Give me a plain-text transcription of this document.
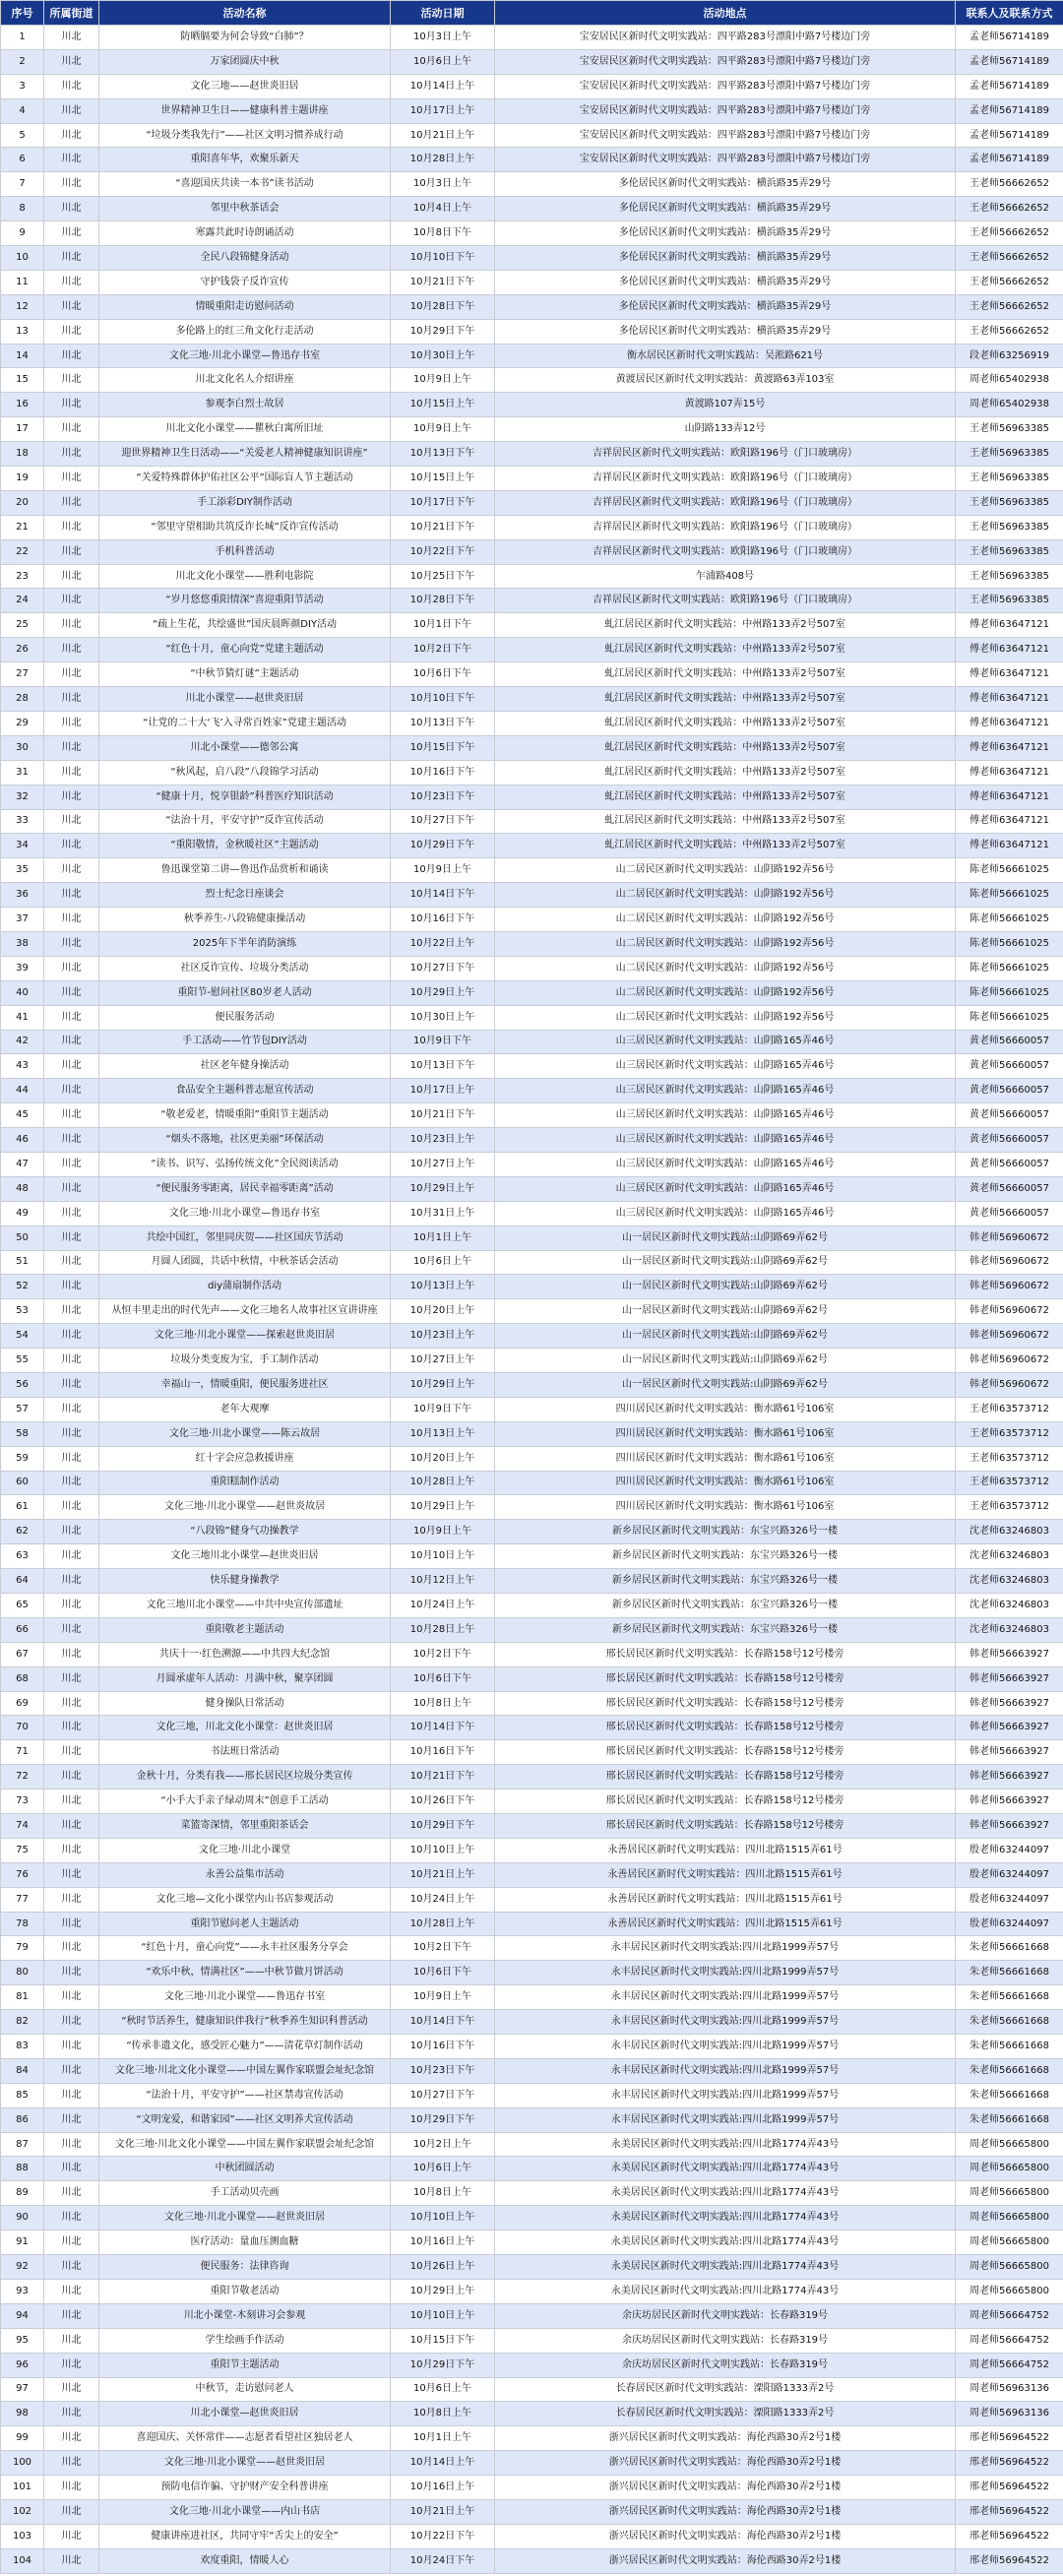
序号	所属街道	活动名称	活动日期	活动地点	联系人及联系方式
1	川北	防晒膈要为何会导致“白肺”？	10月3日上午	宝安居民区新时代文明实践站：四平路283号漂阳中路7号楼边门旁	孟老师56714189
2	川北	万家团圆庆中秋	10月6日上午	宝安居民区新时代文明实践站：四平路283号漂阳中路7号楼边门旁	孟老师56714189
3	川北	文化三地——赵世炎旧居	10月14日上午	宝安居民区新时代文明实践站：四平路283号漂阳中路7号楼边门旁	孟老师56714189
4	川北	世界精神卫生日——健康科普主题讲座	10月17日上午	宝安居民区新时代文明实践站：四平路283号漂阳中路7号楼边门旁	孟老师56714189
5	川北	“垃圾分类我先行”——社区文明习惯养成行动	10月21日上午	宝安居民区新时代文明实践站：四平路283号漂阳中路7号楼边门旁	孟老师56714189
6	川北	重阳喜年华，欢聚乐新天	10月28日上午	宝安居民区新时代文明实践站：四平路283号漂阳中路7号楼边门旁	孟老师56714189
7	川北	“喜迎国庆共读一本书”读书活动	10月3日上午	多伦居民区新时代文明实践站：横浜路35弄29号	王老师56662652
8	川北	邻里中秋茶话会	10月4日上午	多伦居民区新时代文明实践站：横浜路35弄29号	王老师56662652
9	川北	寒露共此时诗朗诵活动	10月8日下午	多伦居民区新时代文明实践站：横浜路35弄29号	王老师56662652
10	川北	全民八段锦健身活动	10月10日下午	多伦居民区新时代文明实践站：横浜路35弄29号	王老师56662652
11	川北	守护钱袋子反诈宣传	10月21日下午	多伦居民区新时代文明实践站：横浜路35弄29号	王老师56662652
12	川北	情暖重阳走访慰问活动	10月28日下午	多伦居民区新时代文明实践站：横浜路35弄29号	王老师56662652
13	川北	多伦路上的红三角文化行走活动	10月29日下午	多伦居民区新时代文明实践站：横浜路35弄29号	王老师56662652
14	川北	文化三地·川北小课堂—鲁迅存书室	10月30日上午	衡水居民区新时代文明实践站：吴淞路621号	段老师63256919
15	川北	川北文化名人介绍讲座	10月9日上午	黄渡居民区新时代文明实践站：黄渡路63弄103室	周老师65402938
16	川北	参观李白烈士故居	10月15日上午	黄渡路107弄15号	周老师65402938
17	川北	川北文化小课堂——瞿秋白寓所旧址	10月9日上午	山阴路133弄12号	王老师56963385
18	川北	迎世界精神卫生日活动——“关爱老人精神健康知识讲座”	10月13日下午	吉祥居民区新时代文明实践站：欧阳路196号（门口玻璃房）	王老师56963385
19	川北	“关爱特殊群体护佑社区公平”国际盲人节主题活动	10月15日上午	吉祥居民区新时代文明实践站：欧阳路196号（门口玻璃房）	王老师56963385
20	川北	手工添彩DIY制作活动	10月17日下午	吉祥居民区新时代文明实践站：欧阳路196号（门口玻璃房）	王老师56963385
21	川北	“邻里守望相助共筑反诈长城”反诈宣传活动	10月21日下午	吉祥居民区新时代文明实践站：欧阳路196号（门口玻璃房）	王老师56963385
22	川北	手机科普活动	10月22日下午	吉祥居民区新时代文明实践站：欧阳路196号（门口玻璃房）	王老师56963385
23	川北	川北文化小课堂——胜利电影院	10月25日下午	乍浦路408号	王老师56963385
24	川北	“岁月悠悠重阳情深”喜迎重阳节活动	10月28日下午	吉祥居民区新时代文明实践站：欧阳路196号（门口玻璃房）	王老师56963385
25	川北	“疏上生花，共绘盛世”国庆晨晖颜DIY活动	10月1日下午	虬江居民区新时代文明实践站：中州路133弄2号507室	傅老师63647121
26	川北	“红色十月，童心向党”党建主题活动	10月2日下午	虬江居民区新时代文明实践站：中州路133弄2号507室	傅老师63647121
27	川北	“中秋节猜灯谜”主题活动	10月6日下午	虬江居民区新时代文明实践站：中州路133弄2号507室	傅老师63647121
28	川北	川北小课堂——赵世炎旧居	10月10日下午	虬江居民区新时代文明实践站：中州路133弄2号507室	傅老师63647121
29	川北	“让党的二十大‘飞’入寻常百姓家”党建主题活动	10月13日下午	虬江居民区新时代文明实践站：中州路133弄2号507室	傅老师63647121
30	川北	川北小课堂——德邻公寓	10月15日下午	虬江居民区新时代文明实践站：中州路133弄2号507室	傅老师63647121
31	川北	“秋风起，启八段”八段锦学习活动	10月16日下午	虬江居民区新时代文明实践站：中州路133弄2号507室	傅老师63647121
32	川北	“健康十月，悦享银龄”科普医疗知识活动	10月23日下午	虬江居民区新时代文明实践站：中州路133弄2号507室	傅老师63647121
33	川北	“法治十月，平安守护”反诈宣传活动	10月27日下午	虬江居民区新时代文明实践站：中州路133弄2号507室	傅老师63647121
34	川北	“重阳敬情，金秋暖社区”主题活动	10月29日下午	虬江居民区新时代文明实践站：中州路133弄2号507室	傅老师63647121
35	川北	鲁迅课堂第二讲—鲁迅作品赏析和诵读	10月9日上午	山二居民区新时代文明实践站：山阴路192弄56号	陈老师56661025
36	川北	烈士纪念日座谈会	10月14日下午	山二居民区新时代文明实践站：山阴路192弄56号	陈老师56661025
37	川北	秋季养生-八段锦健康操活动	10月16日下午	山二居民区新时代文明实践站：山阴路192弄56号	陈老师56661025
38	川北	2025年下半年消防演练	10月22日上午	山二居民区新时代文明实践站：山阴路192弄56号	陈老师56661025
39	川北	社区反诈宣传、垃圾分类活动	10月27日下午	山二居民区新时代文明实践站：山阴路192弄56号	陈老师56661025
40	川北	重阳节-慰问社区80岁老人活动	10月29日上午	山二居民区新时代文明实践站：山阴路192弄56号	陈老师56661025
41	川北	便民服务活动	10月30日上午	山二居民区新时代文明实践站：山阴路192弄56号	陈老师56661025
42	川北	手工活动——竹节包DIY活动	10月9日下午	山三居民区新时代文明实践站：山阴路165弄46号	黄老师56660057
43	川北	社区老年健身操活动	10月13日下午	山三居民区新时代文明实践站：山阴路165弄46号	黄老师56660057
44	川北	食品安全主题科普志愿宣传活动	10月17日上午	山三居民区新时代文明实践站：山阴路165弄46号	黄老师56660057
45	川北	“敬老爱老，情暖重阳”重阳节主题活动	10月21日下午	山三居民区新时代文明实践站：山阴路165弄46号	黄老师56660057
46	川北	“烟头不落地，社区更美丽”环保活动	10月23日上午	山三居民区新时代文明实践站：山阴路165弄46号	黄老师56660057
47	川北	“读书、识写、弘扬传统文化”全民阅读活动	10月27日上午	山三居民区新时代文明实践站：山阴路165弄46号	黄老师56660057
48	川北	“便民服务零距离，居民幸福零距离”活动	10月29日上午	山三居民区新时代文明实践站：山阴路165弄46号	黄老师56660057
49	川北	文化三地·川北小课堂—鲁迅存书室	10月31日上午	山三居民区新时代文明实践站：山阴路165弄46号	黄老师56660057
50	川北	共绘中国红，邻里同庆贺——社区国庆节活动	10月1日上午	山一居民区新时代文明实践站:山阴路69弄62号	韩老师56960672
51	川北	月圆人团圆，共话中秋情，中秋茶话会活动	10月6日上午	山一居民区新时代文明实践站:山阴路69弄62号	韩老师56960672
52	川北	diy蒲扇制作活动	10月13日上午	山一居民区新时代文明实践站:山阴路69弄62号	韩老师56960672
53	川北	从恒丰里走出的时代先声——文化三地名人故事社区宣讲讲座	10月20日上午	山一居民区新时代文明实践站:山阴路69弄62号	韩老师56960672
54	川北	文化三地·川北小课堂——探索赵世炎旧居	10月23日上午	山一居民区新时代文明实践站:山阴路69弄62号	韩老师56960672
55	川北	垃圾分类变废为宝，手工制作活动	10月27日上午	山一居民区新时代文明实践站:山阴路69弄62号	韩老师56960672
56	川北	幸福山一，情暖重阳，便民服务进社区	10月29日上午	山一居民区新时代文明实践站:山阴路69弄62号	韩老师56960672
57	川北	老年大观摩	10月9日下午	四川居民区新时代文明实践站：衡水路61号106室	王老师63573712
58	川北	文化三地·川北小课堂——陈云故居	10月13日上午	四川居民区新时代文明实践站：衡水路61号106室	王老师63573712
59	川北	红十字会应急救援讲座	10月20日上午	四川居民区新时代文明实践站：衡水路61号106室	王老师63573712
60	川北	重阳糕制作活动	10月28日上午	四川居民区新时代文明实践站：衡水路61号106室	王老师63573712
61	川北	文化三地·川北小课堂——赵世炎故居	10月29日上午	四川居民区新时代文明实践站：衡水路61号106室	王老师63573712
62	川北	“八段锦”健身气功操教学	10月9日上午	新乡居民区新时代文明实践站：东宝兴路326号一楼	沈老师63246803
63	川北	文化三地川北小课堂—赵世炎旧居	10月10日上午	新乡居民区新时代文明实践站：东宝兴路326号一楼	沈老师63246803
64	川北	快乐健身操教学	10月12日上午	新乡居民区新时代文明实践站：东宝兴路326号一楼	沈老师63246803
65	川北	文化三地川北小课堂——中共中央宣传部遗址	10月24日上午	新乡居民区新时代文明实践站：东宝兴路326号一楼	沈老师63246803
66	川北	重阳敬老主题活动	10月28日上午	新乡居民区新时代文明实践站：东宝兴路326号一楼	沈老师63246803
67	川北	共庆十一·红色溯源——中共四大纪念馆	10月2日下午	邢长居民区新时代文明实践站：长春路158号12号楼旁	韩老师56663927
68	川北	月圆承虚年人活动：月满中秋，聚享团圆	10月6日下午	邢长居民区新时代文明实践站：长春路158号12号楼旁	韩老师56663927
69	川北	健身操队日常活动	10月8日上午	邢长居民区新时代文明实践站：长春路158号12号楼旁	韩老师56663927
70	川北	文化三地，川北文化小课堂：赵世炎旧居	10月14日下午	邢长居民区新时代文明实践站：长春路158号12号楼旁	韩老师56663927
71	川北	书法班日常活动	10月16日下午	邢长居民区新时代文明实践站：长春路158号12号楼旁	韩老师56663927
72	川北	金秋十月，分类有我——邢长居民区垃圾分类宣传	10月21日下午	邢长居民区新时代文明实践站：长春路158号12号楼旁	韩老师56663927
73	川北	“小手大手亲子绿动周末”创意手工活动	10月26日下午	邢长居民区新时代文明实践站：长春路158号12号楼旁	韩老师56663927
74	川北	菜篮寄深情，邻里重阳茶话会	10月29日下午	邢长居民区新时代文明实践站：长春路158号12号楼旁	韩老师56663927
75	川北	文化三地·川北小课堂	10月10日上午	永善居民区新时代文明实践站：四川北路1515弄61号	殷老师63244097
76	川北	永善公益集市活动	10月21日上午	永善居民区新时代文明实践站：四川北路1515弄61号	殷老师63244097
77	川北	文化三地—文化小课堂内山书店参观活动	10月24日上午	永善居民区新时代文明实践站：四川北路1515弄61号	殷老师63244097
78	川北	重阳节慰问老人主题活动	10月28日上午	永善居民区新时代文明实践站：四川北路1515弄61号	殷老师63244097
79	川北	“红色十月，童心向党”——永丰社区服务分享会	10月2日下午	永丰居民区新时代文明实践站:四川北路1999弄57号	朱老师56661668
80	川北	“欢乐中秋，情满社区”——中秋节做月饼活动	10月6日下午	永丰居民区新时代文明实践站:四川北路1999弄57号	朱老师56661668
81	川北	文化三地·川北小课堂——鲁迅存书室	10月9日上午	永丰居民区新时代文明实践站:四川北路1999弄57号	朱老师56661668
82	川北	“秋时节活养生，健康知识伴我行”秋季养生知识科普活动	10月14日下午	永丰居民区新时代文明实践站:四川北路1999弄57号	朱老师56661668
83	川北	“传承非遗文化，感受匠心魅力”——清花草灯制作活动	10月16日下午	永丰居民区新时代文明实践站:四川北路1999弄57号	朱老师56661668
84	川北	文化三地·川北文化小课堂——中国左翼作家联盟会址纪念馆	10月23日下午	永丰居民区新时代文明实践站:四川北路1999弄57号	朱老师56661668
85	川北	“法治十月，平安守护”——社区禁毒宣传活动	10月27日下午	永丰居民区新时代文明实践站:四川北路1999弄57号	朱老师56661668
86	川北	“文明宠爱，和谐家园”——社区文明养犬宣传活动	10月29日下午	永丰居民区新时代文明实践站:四川北路1999弄57号	朱老师56661668
87	川北	文化三地·川北文化小课堂——中国左翼作家联盟会址纪念馆	10月2日上午	永美居民区新时代文明实践站:四川北路1774弄43号	周老师56665800
88	川北	中秋团圆活动	10月6日上午	永美居民区新时代文明实践站:四川北路1774弄43号	周老师56665800
89	川北	手工活动贝壳画	10月8日上午	永美居民区新时代文明实践站:四川北路1774弄43号	周老师56665800
90	川北	文化三地·川北小课堂——赵世炎旧居	10月10日上午	永美居民区新时代文明实践站:四川北路1774弄43号	周老师56665800
91	川北	医疗活动：量血压测血糖	10月16日上午	永美居民区新时代文明实践站:四川北路1774弄43号	周老师56665800
92	川北	便民服务：法律咨询	10月26日上午	永美居民区新时代文明实践站:四川北路1774弄43号	周老师56665800
93	川北	重阳节敬老活动	10月29日上午	永美居民区新时代文明实践站:四川北路1774弄43号	周老师56665800
94	川北	川北小课堂-木刻讲习会参观	10月10日上午	余庆坊居民区新时代文明实践站：长春路319号	周老师56664752
95	川北	学生绘画手作活动	10月15日下午	余庆坊居民区新时代文明实践站：长春路319号	周老师56664752
96	川北	重阳节主题活动	10月29日下午	余庆坊居民区新时代文明实践站：长春路319号	周老师56664752
97	川北	中秋节，走访慰问老人	10月6日上午	长春居民区新时代文明实践站：溧阳路1333弄2号	周老师56963136
98	川北	川北小课堂—赵世炎旧居	10月8日上午	长春居民区新时代文明实践站：溧阳路1333弄2号	周老师56963136
99	川北	喜迎国庆、关怀常伴——志愿者看望社区独居老人	10月1日上午	浙兴居民区新时代文明实践站：海伦西路30弄2号1楼	邢老师56964522
100	川北	文化三地·川北小课堂——赵世炎旧居	10月14日上午	浙兴居民区新时代文明实践站：海伦西路30弄2号1楼	邢老师56964522
101	川北	预防电信诈骗、守护财产安全科普讲座	10月16日上午	浙兴居民区新时代文明实践站：海伦西路30弄2号1楼	邢老师56964522
102	川北	文化三地·川北小课堂——内山书店	10月21日上午	浙兴居民区新时代文明实践站：海伦西路30弄2号1楼	邢老师56964522
103	川北	健康讲座进社区，共同守牢“舌尖上的安全”	10月22日下午	浙兴居民区新时代文明实践站：海伦西路30弄2号1楼	邢老师56964522
104	川北	欢度重阳，情暖人心	10月24日下午	浙兴居民区新时代文明实践站：海伦西路30弄2号1楼	邢老师56964522
